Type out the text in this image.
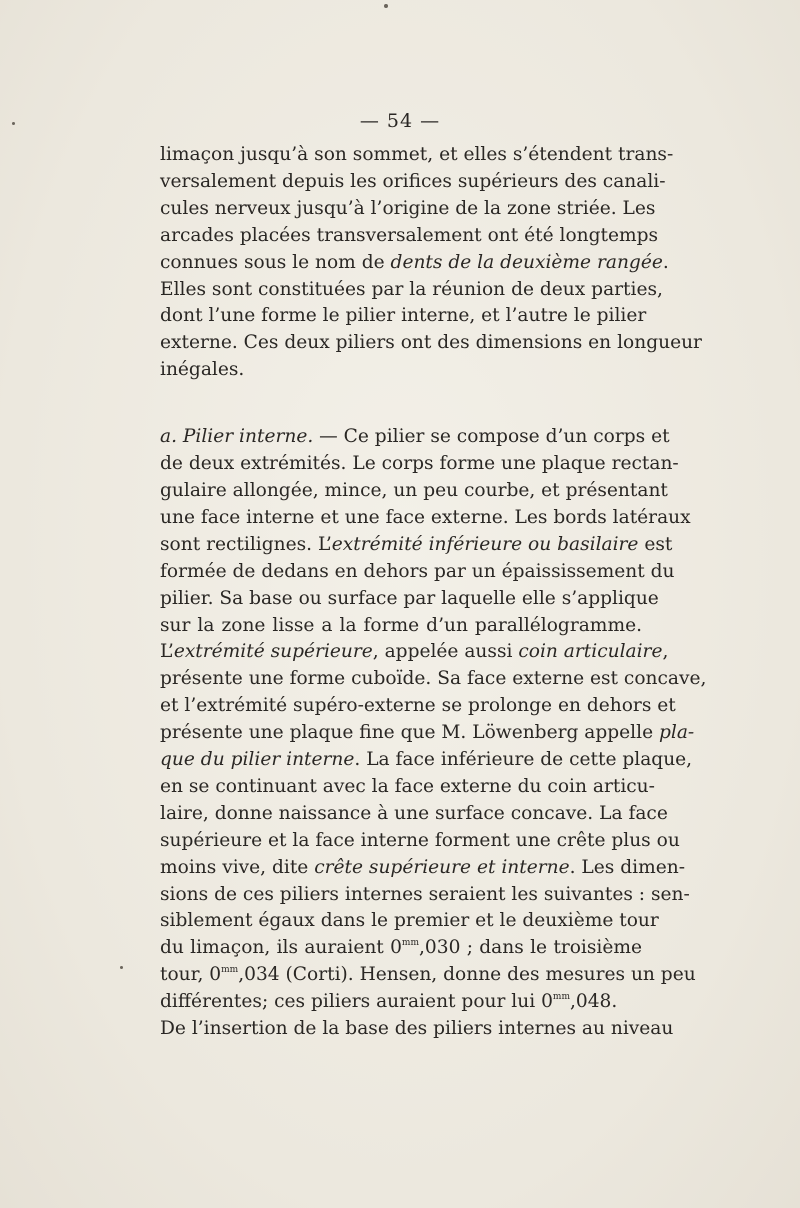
— 54 —
limaçon jusqu’à son sommet, et elles s’étendent trans-
versalement depuis les orifices supérieurs des canali-
cules nerveux jusqu’à l’origine de la zone striée. Les
arcades placées transversalement ont été longtemps
connues sous le nom de dents de la deuxième rangée.
Elles sont constituées par la réunion de deux parties,
dont l’une forme le pilier interne, et l’autre le pilier
externe. Ces deux piliers ont des dimensions en longueur
inégales.
a. Pilier interne. — Ce pilier se compose d’un corps et
de deux extrémités. Le corps forme une plaque rectan-
gulaire allongée, mince, un peu courbe, et présentant
une face interne et une face externe. Les bords latéraux
sont rectilignes. L’extrémité inférieure ou basilaire est
formée de dedans en dehors par un épaississement du
pilier. Sa base ou surface par laquelle elle s’applique
sur la zone lisse a la forme d’un parallélogramme.
L’extrémité supérieure, appelée aussi coin articulaire,
présente une forme cuboïde. Sa face externe est concave,
et l’extrémité supéro-externe se prolonge en dehors et
présente une plaque fine que M. Löwenberg appelle pla-
que du pilier interne. La face inférieure de cette plaque,
en se continuant avec la face externe du coin articu-
laire, donne naissance à une surface concave. La face
supérieure et la face interne forment une crête plus ou
moins vive, dite crête supérieure et interne. Les dimen-
sions de ces piliers internes seraient les suivantes : sen-
siblement égaux dans le premier et le deuxième tour
du limaçon, ils auraient $0^{mm},030$ ; dans le troisième
tour, $0^{mm},034$ (Corti). Hensen, donne des mesures un peu
différentes; ces piliers auraient pour lui $0^{mm},048$.
De l’insertion de la base des piliers internes au niveau
